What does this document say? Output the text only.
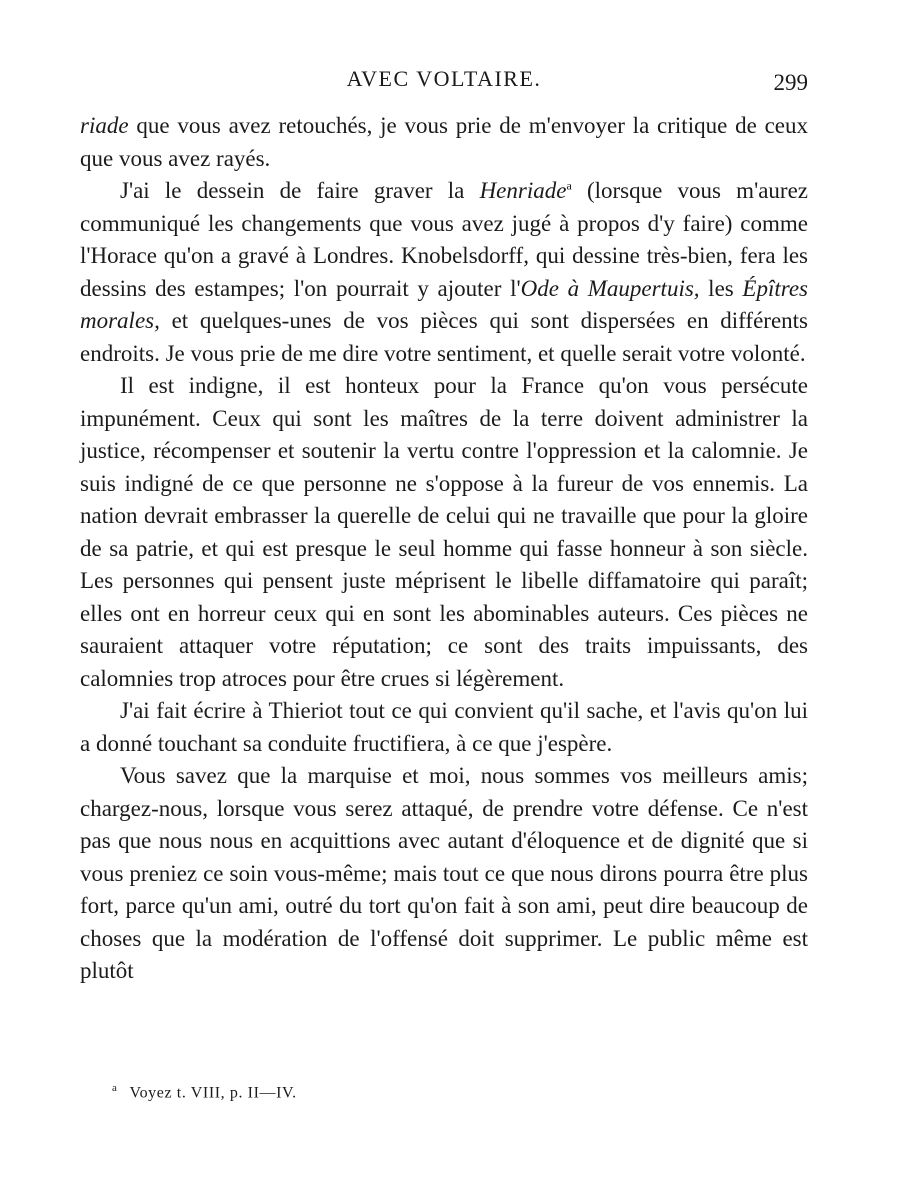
AVEC VOLTAIRE.	299

riade que vous avez retouchés, je vous prie de m'envoyer la critique de ceux que vous avez rayés.

J'ai le dessein de faire graver la Henriade$^a$ (lorsque vous m'aurez communiqué les changements que vous avez jugé à propos d'y faire) comme l'Horace qu'on a gravé à Londres. Knobelsdorff, qui dessine très-bien, fera les dessins des estampes; l'on pourrait y ajouter l'Ode à Maupertuis, les Épîtres morales, et quelques-unes de vos pièces qui sont dispersées en différents endroits. Je vous prie de me dire votre sentiment, et quelle serait votre volonté.

Il est indigne, il est honteux pour la France qu'on vous persécute impunément. Ceux qui sont les maîtres de la terre doivent administrer la justice, récompenser et soutenir la vertu contre l'oppression et la calomnie. Je suis indigné de ce que personne ne s'oppose à la fureur de vos ennemis. La nation devrait embrasser la querelle de celui qui ne travaille que pour la gloire de sa patrie, et qui est presque le seul homme qui fasse honneur à son siècle. Les personnes qui pensent juste méprisent le libelle diffamatoire qui paraît; elles ont en horreur ceux qui en sont les abominables auteurs. Ces pièces ne sauraient attaquer votre réputation; ce sont des traits impuissants, des calomnies trop atroces pour être crues si légèrement.

J'ai fait écrire à Thieriot tout ce qui convient qu'il sache, et l'avis qu'on lui a donné touchant sa conduite fructifiera, à ce que j'espère.

Vous savez que la marquise et moi, nous sommes vos meilleurs amis; chargez-nous, lorsque vous serez attaqué, de prendre votre défense. Ce n'est pas que nous nous en acquittions avec autant d'éloquence et de dignité que si vous preniez ce soin vous-même; mais tout ce que nous dirons pourra être plus fort, parce qu'un ami, outré du tort qu'on fait à son ami, peut dire beaucoup de choses que la modération de l'offensé doit supprimer. Le public même est plutôt

$^a$ Voyez t. VIII, p. II—IV.
